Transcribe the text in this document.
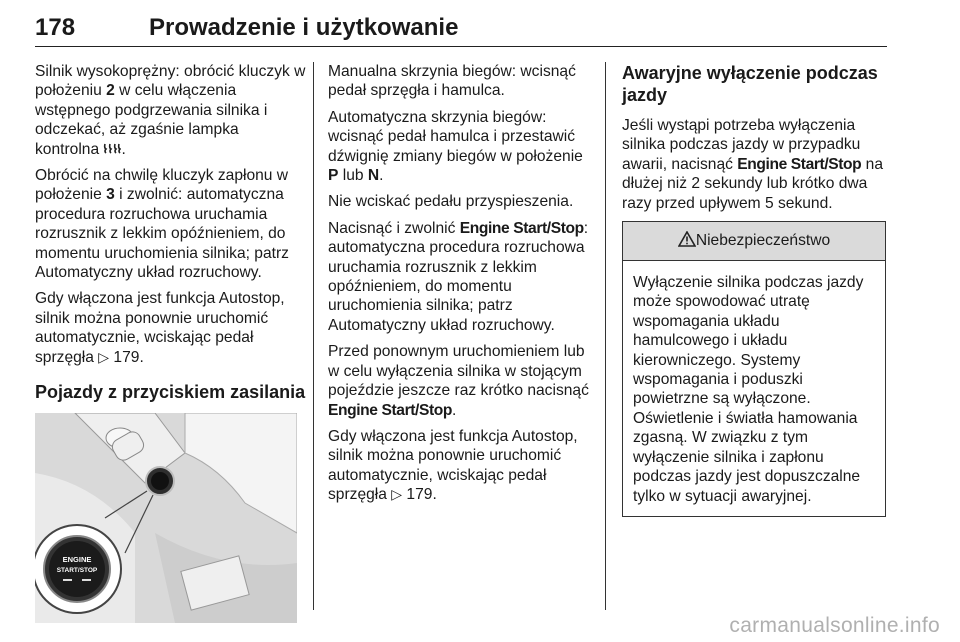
178	Prowadzenie i użytkowanie

Silnik wysokoprężny: obrócić kluczyk w położeniu 2 w celu włączenia wstępnego podgrzewania silnika i odczekać, aż zgaśnie lampka kontrolna .

Obrócić na chwilę kluczyk zapłonu w położenie 3 i zwolnić: automatyczna procedura rozruchowa uruchamia rozrusznik z lekkim opóźnieniem, do momentu uruchomienia silnika; patrz Automatyczny układ rozruchowy.

Gdy włączona jest funkcja Autostop, silnik można ponownie uruchomić automatycznie, wciskając pedał sprzęgła ▷ 179.

Pojazdy z przyciskiem zasilania
ENGINE
START/STOP

Manualna skrzynia biegów: wcisnąć pedał sprzęgła i hamulca.

Automatyczna skrzynia biegów: wcisnąć pedał hamulca i przestawić dźwignię zmiany biegów w położenie P lub N.

Nie wciskać pedału przyspieszenia.

Nacisnąć i zwolnić Engine Start/Stop: automatyczna procedura rozruchowa uruchamia rozrusznik z lekkim opóźnieniem, do momentu uruchomienia silnika; patrz Automatyczny układ rozruchowy.

Przed ponownym uruchomieniem lub w celu wyłączenia silnika w stojącym pojeździe jeszcze raz krótko nacisnąć Engine Start/Stop.

Gdy włączona jest funkcja Autostop, silnik można ponownie uruchomić automatycznie, wciskając pedał sprzęgła ▷ 179.

Awaryjne wyłączenie podczas jazdy

Jeśli wystąpi potrzeba wyłączenia silnika podczas jazdy w przypadku awarii, nacisnąć Engine Start/Stop na dłużej niż 2 sekundy lub krótko dwa razy przed upływem 5 sekund.

Niebezpieczeństwo
Wyłączenie silnika podczas jazdy może spowodować utratę wspomagania układu hamulcowego i układu kierowniczego. Systemy wspomagania i poduszki powietrzne są wyłączone. Oświetlenie i światła hamowania zgasną. W związku z tym wyłączenie silnika i zapłonu podczas jazdy jest dopuszczalne tylko w sytuacji awaryjnej.
carmanualsonline.info
